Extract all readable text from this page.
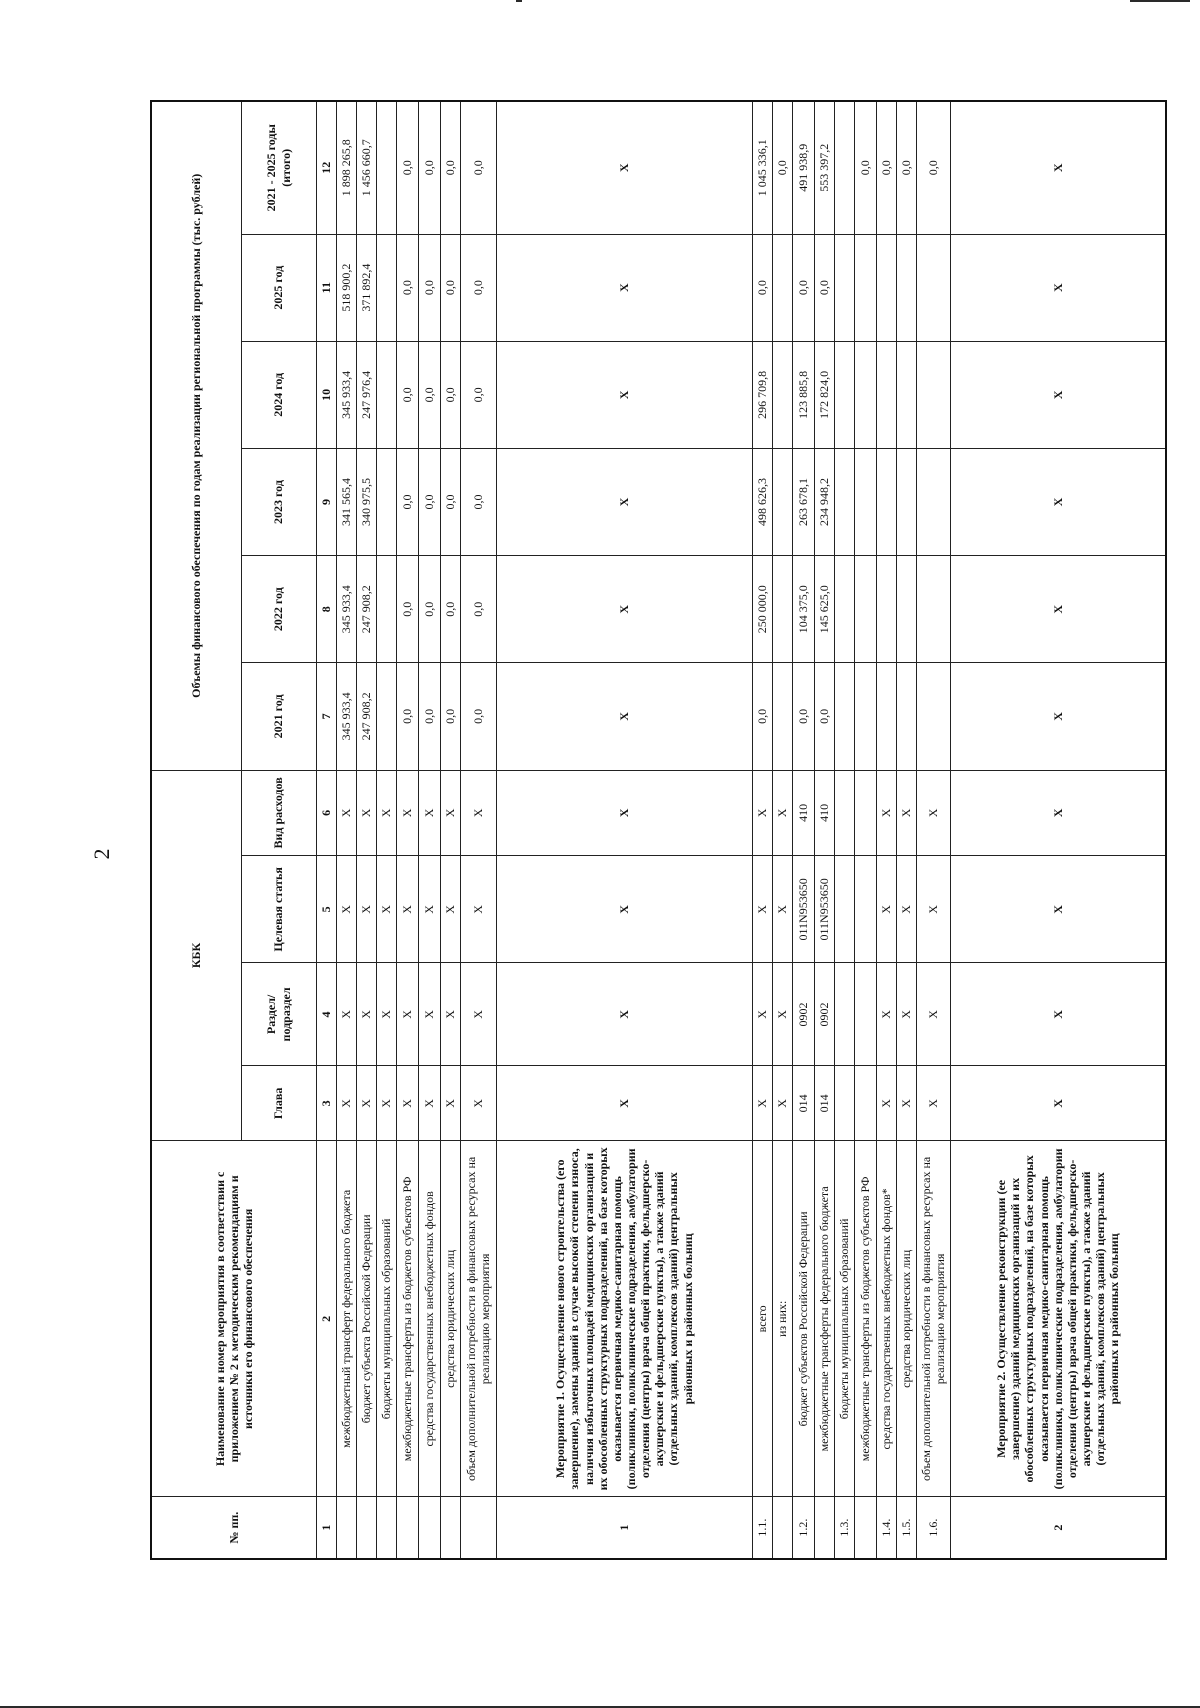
2
№ пп.	Наименование и номер мероприятия в соответствии с приложением № 2 к методическим рекомендациям и источники его финансового обеспечения	КБК				Объемы финансового обеспечения по годам реализации региональной программы (тыс. рублей)					
		Глава	Раздел/ подраздел	Целевая статья	Вид расходов	2021 год	2022 год	2023 год	2024 год	2025 год	2021 - 2025 годы (итого)

1	2	3	4	5	6	7	8	9	10	11	12
	межбюджетный трансферт федерального бюджета	Х	Х	Х	Х	345 933,4	345 933,4	341 565,4	345 933,4	518 900,2	1 898 265,8
	бюджет субъекта Российской Федерации	Х	Х	Х	Х	247 908,2	247 908,2	340 975,5	247 976,4	371 892,4	1 456 660,7
	бюджеты муниципальных образований	Х	Х	Х	Х						
	межбюджетные трансферты из бюджетов субъектов РФ	Х	Х	Х	Х	0,0	0,0	0,0	0,0	0,0	0,0
	средства государственных внебюджетных фондов	Х	Х	Х	Х	0,0	0,0	0,0	0,0	0,0	0,0
	средства юридических лиц	Х	Х	Х	Х	0,0	0,0	0,0	0,0	0,0	0,0
	объем дополнительной потребности в финансовых ресурсах на реализацию мероприятия	Х	Х	Х	Х	0,0	0,0	0,0	0,0	0,0	0,0
1	Мероприятие 1. Осуществление нового строительства (его завершение), замены зданий в случае высокой степени износа, наличия избыточных площадей медицинских организаций и их обособленных структурных подразделений, на базе которых оказывается первичная медико-санитарная помощь (поликлиники, поликлинические подразделения, амбулатории отделения (центры) врача общей практики, фельдшерско-акушерские и фельдшерские пункты), а также зданий (отдельных зданий, комплексов зданий) центральных районных и районных больниц	Х	Х	Х	Х	Х	Х	Х	Х	Х	Х
1.1.	всего	Х	Х	Х	Х	0,0	250 000,0	498 626,3	296 709,8	0,0	1 045 336,1
	из них:	Х	Х	Х	Х						0,0
1.2.	бюджет субъектов Российской Федерации	014	0902	011N953650	410	0,0	104 375,0	263 678,1	123 885,8	0,0	491 938,9
	межбюджетные трансферты федерального бюджета	014	0902	011N953650	410	0,0	145 625,0	234 948,2	172 824,0	0,0	553 397,2
1.3.	бюджеты муниципальных образований										
	межбюджетные трансферты из бюджетов субъектов РФ										0,0
1.4.	средства государственных внебюджетных фондов*	Х	Х	Х	Х						0,0
1.5.	средства юридических лиц	Х	Х	Х	Х						0,0
1.6.	объем дополнительной потребности в финансовых ресурсах на реализацию мероприятия	Х	Х	Х	Х						0,0
2	Мероприятие 2. Осуществление реконструкции (ее завершение) зданий медицинских организаций и их обособленных структурных подразделений, на базе которых оказывается первичная медико-санитарная помощь (поликлиники, поликлинические подразделения, амбулатории отделения (центры) врача общей практики, фельдшерско-акушерские и фельдшерские пункты), а также зданий (отдельных зданий, комплексов зданий) центральных районных и районных больниц	Х	Х	Х	Х	Х	Х	Х	Х	Х	Х
